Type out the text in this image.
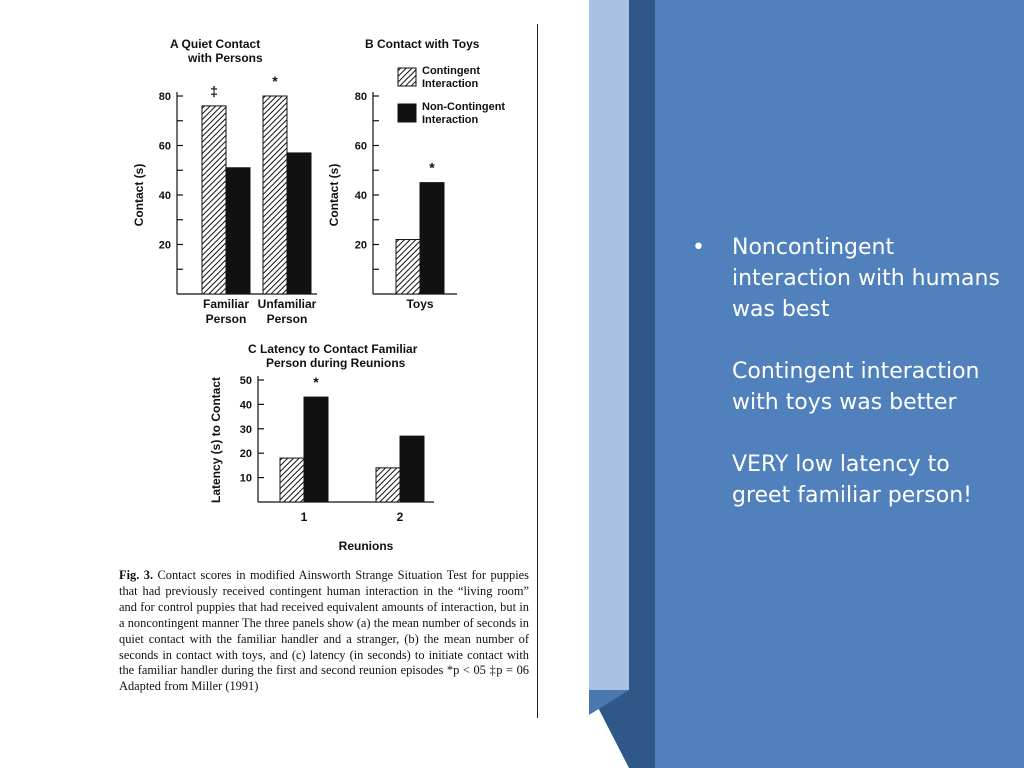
20
40
60
80
Contact (s)
A Quiet Contact
with Persons
Familiar
Person
Unfamiliar
Person
‡
*
20
40
60
80
Contact (s)
B Contact with Toys
Toys
*
Contingent
Interaction
Non-Contingent
Interaction
10
20
30
40
50
Latency (s) to Contact
C Latency to Contact Familiar
Person during Reunions
1	2
*
Reunions
Fig. 3. Contact scores in modified Ainsworth Strange Situation Test for puppies that had previously received contingent human interaction in the “living room” and for control puppies that had received equivalent amounts of interaction, but in a noncontingent manner The three panels show (a) the mean number of seconds in quiet contact with the familiar handler and a stranger, (b) the mean number of seconds in contact with toys, and (c) latency (in seconds) to initiate contact with the familiar handler during the first and second reunion episodes *p < 05 ‡p = 06 Adapted from Miller (1991)
•	Noncontingent interaction with humans was best

Contingent interaction with toys was better

VERY low latency to greet familiar person!
